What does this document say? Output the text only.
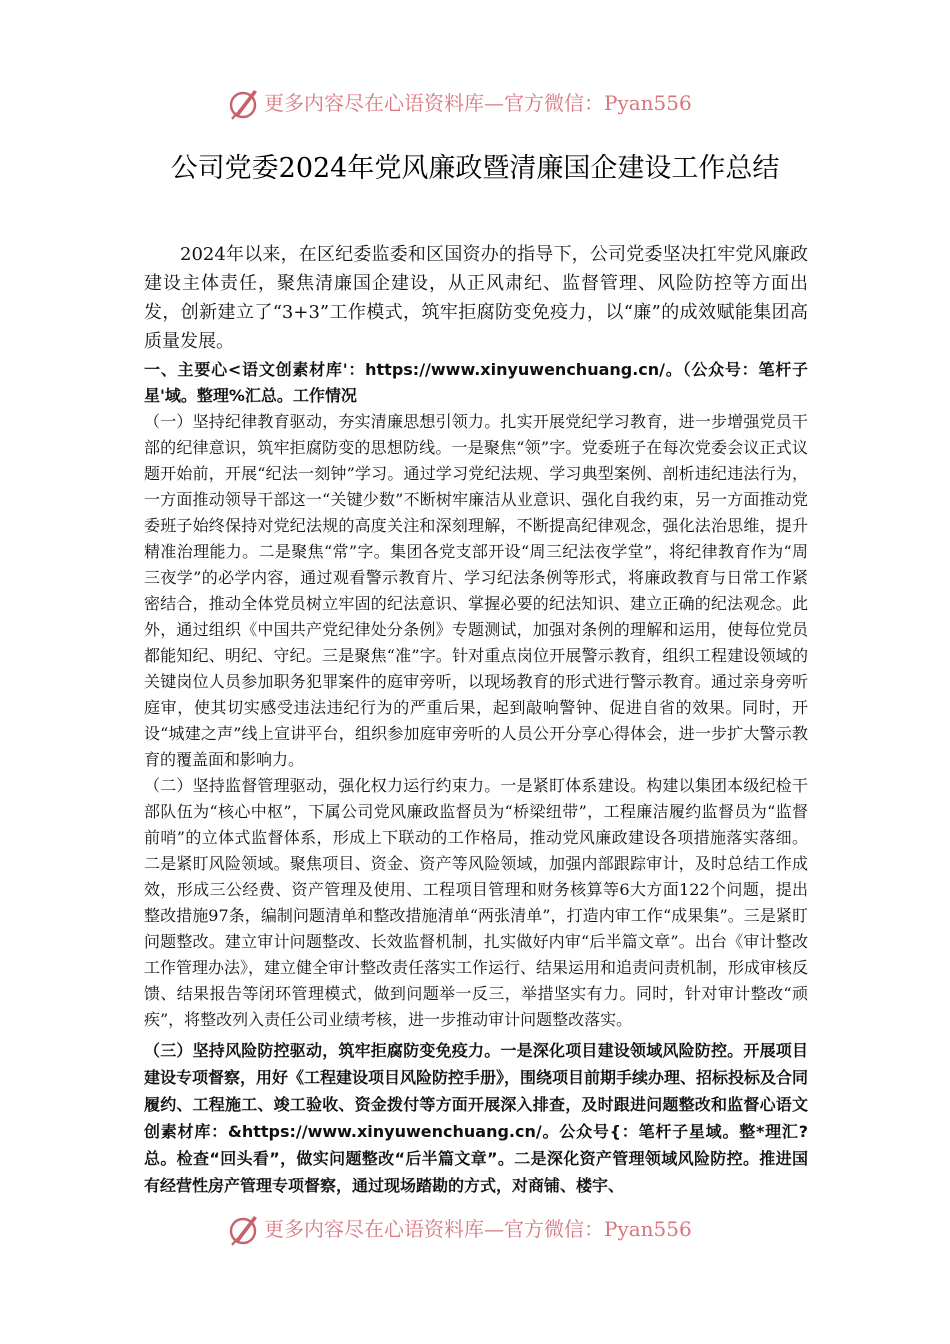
更多内容尽在心语资料库—官方微信：Pyan556
公司党委2024年党风廉政暨清廉国企建设工作总结

2024年以来，在区纪委监委和区国资办的指导下，公司党委坚决扛牢党风廉政建设主体责任，聚焦清廉国企建设，从正风肃纪、监督管理、风险防控等方面出发，创新建立了“3+3”工作模式，筑牢拒腐防变免疫力，以“廉”的成效赋能集团高质量发展。

一、主要心<语文创素材库'：https://www.xinyuwenchuang.cn/。（公众号：笔杆子星'域。整理%汇总。工作情况

（一）坚持纪律教育驱动，夯实清廉思想引领力。扎实开展党纪学习教育，进一步增强党员干部的纪律意识，筑牢拒腐防变的思想防线。一是聚焦“领”字。党委班子在每次党委会议正式议题开始前，开展“纪法一刻钟”学习。通过学习党纪法规、学习典型案例、剖析违纪违法行为，一方面推动领导干部这一“关键少数”不断树牢廉洁从业意识、强化自我约束，另一方面推动党委班子始终保持对党纪法规的高度关注和深刻理解，不断提高纪律观念，强化法治思维，提升精准治理能力。二是聚焦“常”字。集团各党支部开设“周三纪法夜学堂”，将纪律教育作为“周三夜学”的必学内容，通过观看警示教育片、学习纪法条例等形式，将廉政教育与日常工作紧密结合，推动全体党员树立牢固的纪法意识、掌握必要的纪法知识、建立正确的纪法观念。此外，通过组织《中国共产党纪律处分条例》专题测试，加强对条例的理解和运用，使每位党员都能知纪、明纪、守纪。三是聚焦“准”字。针对重点岗位开展警示教育，组织工程建设领域的关键岗位人员参加职务犯罪案件的庭审旁听，以现场教育的形式进行警示教育。通过亲身旁听庭审，使其切实感受违法违纪行为的严重后果，起到敲响警钟、促进自省的效果。同时，开设“城建之声”线上宣讲平台，组织参加庭审旁听的人员公开分享心得体会，进一步扩大警示教育的覆盖面和影响力。

（二）坚持监督管理驱动，强化权力运行约束力。一是紧盯体系建设。构建以集团本级纪检干部队伍为“核心中枢”，下属公司党风廉政监督员为“桥梁纽带”，工程廉洁履约监督员为“监督前哨”的立体式监督体系，形成上下联动的工作格局，推动党风廉政建设各项措施落实落细。二是紧盯风险领域。聚焦项目、资金、资产等风险领域，加强内部跟踪审计，及时总结工作成效，形成三公经费、资产管理及使用、工程项目管理和财务核算等6大方面122个问题，提出整改措施97条，编制问题清单和整改措施清单“两张清单”，打造内审工作“成果集”。三是紧盯问题整改。建立审计问题整改、长效监督机制，扎实做好内审“后半篇文章”。出台《审计整改工作管理办法》，建立健全审计整改责任落实工作运行、结果运用和追责问责机制，形成审核反馈、结果报告等闭环管理模式，做到问题举一反三，举措坚实有力。同时，针对审计整改“顽疾”，将整改列入责任公司业绩考核，进一步推动审计问题整改落实。

（三）坚持风险防控驱动，筑牢拒腐防变免疫力。一是深化项目建设领域风险防控。开展项目建设专项督察，用好《工程建设项目风险防控手册》，围绕项目前期手续办理、招标投标及合同履约、工程施工、竣工验收、资金拨付等方面开展深入排查，及时跟进问题整改和监督心语文创素材库：&https://www.xinyuwenchuang.cn/。公众号{：笔杆子星域。整*理汇?总。检查“回头看”，做实问题整改“后半篇文章”。二是深化资产管理领域风险防控。推进国有经营性房产管理专项督察，通过现场踏勘的方式，对商铺、楼宇、

更多内容尽在心语资料库—官方微信：Pyan556
